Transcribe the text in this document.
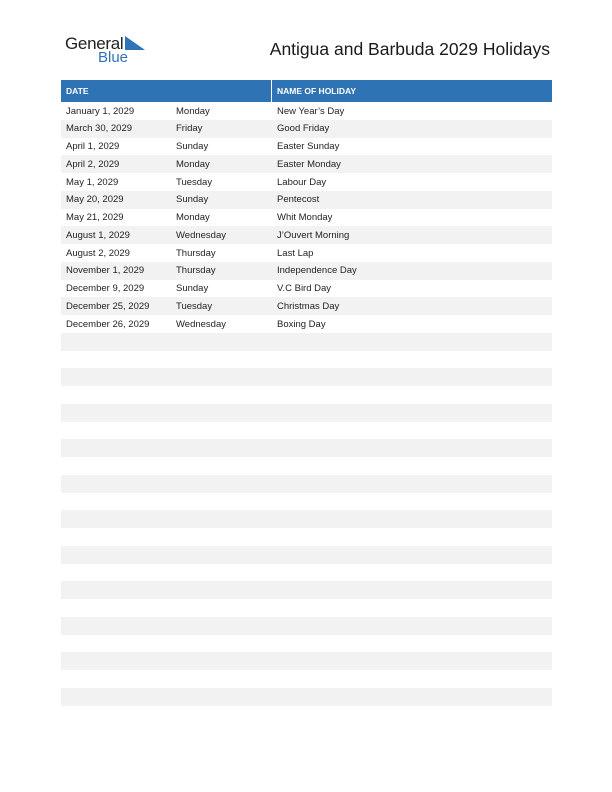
General
Blue	Antigua and Barbuda 2029 Holidays
DATE	NAME OF HOLIDAY
January 1, 2029	Monday	New Year’s Day
March 30, 2029	Friday	Good Friday
April 1, 2029	Sunday	Easter Sunday
April 2, 2029	Monday	Easter Monday
May 1, 2029	Tuesday	Labour Day
May 20, 2029	Sunday	Pentecost
May 21, 2029	Monday	Whit Monday
August 1, 2029	Wednesday	J’Ouvert Morning
August 2, 2029	Thursday	Last Lap
November 1, 2029	Thursday	Independence Day
December 9, 2029	Sunday	V.C Bird Day
December 25, 2029	Tuesday	Christmas Day
December 26, 2029	Wednesday	Boxing Day
